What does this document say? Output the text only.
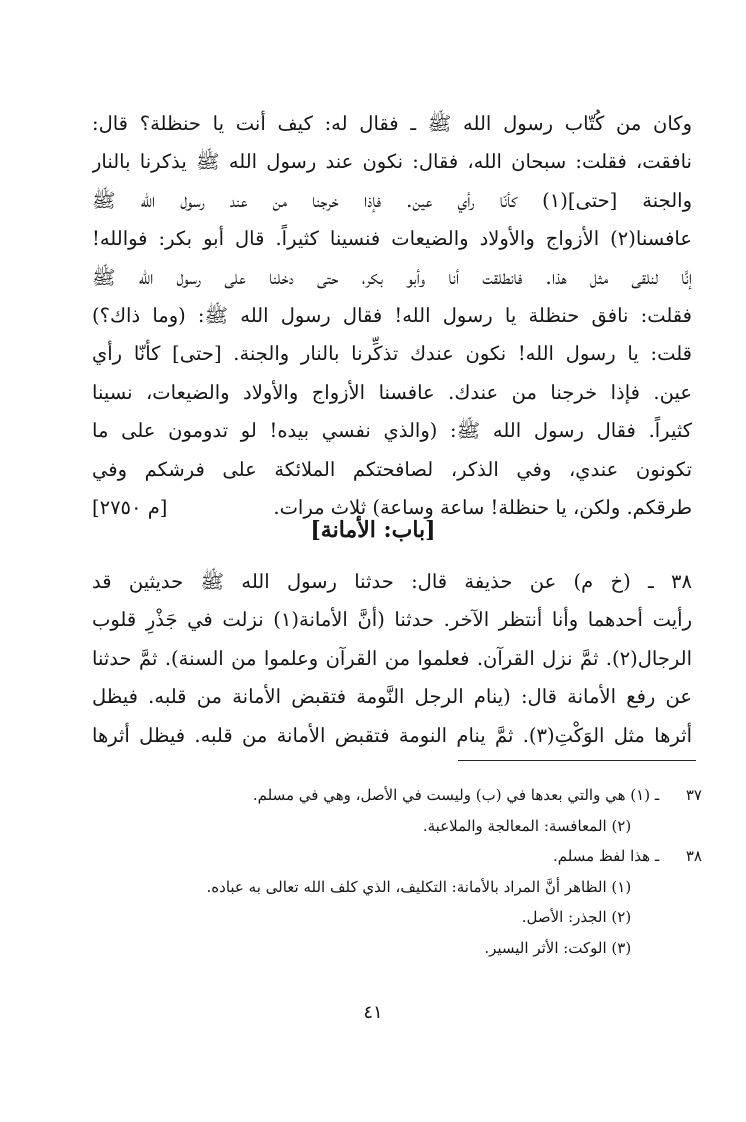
وكان من كُتّاب رسول الله ﷺ ـ فقال له: كيف أنت يا حنظلة؟ قال:
نافقت، فقلت: سبحان الله، فقال: نكون عند رسول الله ﷺ يذكرنا بالنار
والجنة [حتى](١) كأنّا رأي عين. فإذا خرجنا من عند رسول الله ﷺ
عافسنا(٢) الأزواج والأولاد والضيعات فنسينا كثيراً. قال أبو بكر: فوالله!
إنَّا لنلقى مثل هذا. فانطلقت أنا وأبو بكر، حتى دخلنا على رسول الله ﷺ
فقلت: نافق حنظلة يا رسول الله! فقال رسول الله ﷺ: (وما ذاك؟)
قلت: يا رسول الله! نكون عندك تذكِّرنا بالنار والجنة. [حتى] كأنّا رأي
عين. فإذا خرجنا من عندك. عافسنا الأزواج والأولاد والضيعات، نسينا
كثيراً. فقال رسول الله ﷺ: (والذي نفسي بيده! لو تدومون على ما
تكونون عندي، وفي الذكر، لصافحتكم الملائكة على فرشكم وفي
طرقكم. ولكن، يا حنظلة! ساعة وساعة) ثلاث مرات.
[م ٢٧٥٠]
[باب: الأمانة]
٣٨ ـ (خ م) عن حذيفة قال: حدثنا رسول الله ﷺ حديثين قد
رأيت أحدهما وأنا أنتظر الآخر. حدثنا (أنَّ الأمانة(١) نزلت في جَذْرِ قلوب
الرجال(٢). ثمَّ نزل القرآن. فعلموا من القرآن وعلموا من السنة). ثمَّ حدثنا
عن رفع الأمانة قال: (ينام الرجل النَّومة فتقبض الأمانة من قلبه. فيظل
أثرها مثل الوَكْتِ(٣). ثمَّ ينام النومة فتقبض الأمانة من قلبه. فيظل أثرها
٣٧ ـ (١) هي والتي بعدها في (ب) وليست في الأصل، وهي في مسلم.
(٢) المعافسة: المعالجة والملاعبة.
٣٨ ـ هذا لفظ مسلم.
(١) الظاهر أنَّ المراد بالأمانة: التكليف، الذي كلف الله تعالى به عباده.
(٢) الجذر: الأصل.
(٣) الوكت: الأثر اليسير.
٤١
